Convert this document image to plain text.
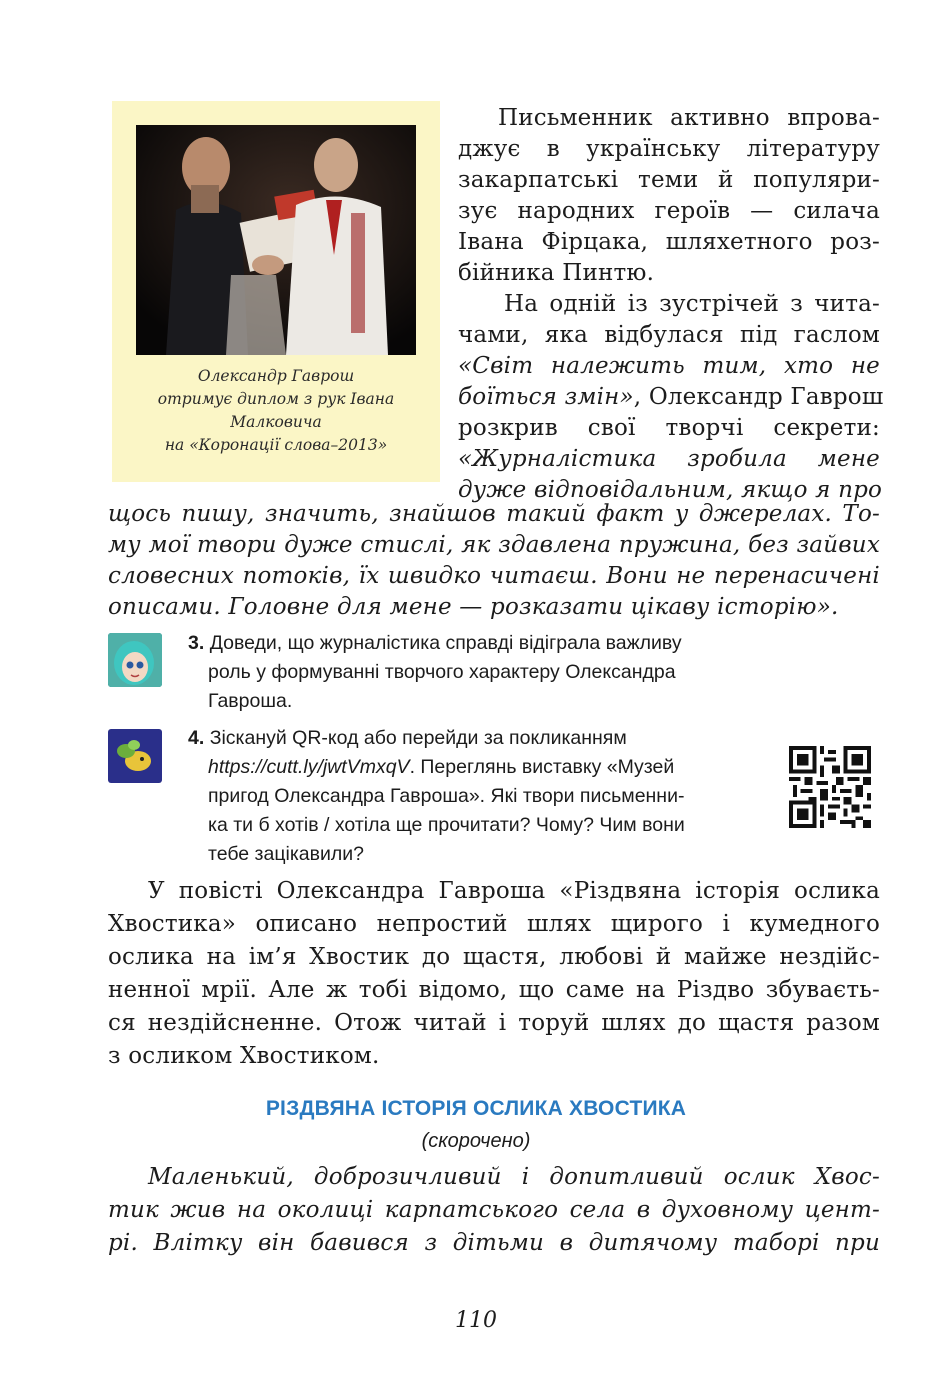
Олександр Гаврош
отримує диплом з рук Івана
Малковича
на «Коронації слова–2013»
Письменник активно впрова-
джує в українську літературу
закарпатські теми й популяри-
зує народних героїв — силача
Івана Фірцака, шляхетного роз-
бійника Пинтю.
На одній із зустрічей з чита-
чами, яка відбулася під гаслом
«Світ належить тим, хто не
боїться змін», Олександр Гаврош
розкрив свої творчі секрети:
«Журналістика зробила мене
дуже відповідальним, якщо я про
щось пишу, значить, знайшов такий факт у джерелах. То-
му мої твори дуже стислі, як здавлена пружина, без зайвих
словесних потоків, їх швидко читаєш. Вони не перенасичені
описами. Головне для мене — розказати цікаву історію».
3. Доведи, що журналістика справді відіграла важливу
роль у формуванні творчого характеру Олександра
Гавроша.
4. Зіскануй QR-код або перейди за покликанням
https://cutt.ly/jwtVmxqV. Переглянь виставку «Музей
пригод Олександра Гавроша». Які твори письменни-
ка ти б хотів / хотіла ще прочитати? Чому? Чим вони
тебе зацікавили?
У повісті Олександра Гаврошa «Різдвяна історія ослика
Хвостика» описано непростий шлях щирого і кумедного
ослика на ім’я Хвостик до щастя, любові й майже нездійс-
ненної мрії. Але ж тобі відомо, що саме на Різдво збуваєть-
ся нездійсненне. Отож читай і торуй шлях до щастя разом
з осликом Хвостиком.
РІЗДВЯНА ІСТОРІЯ ОСЛИКА ХВОСТИКА
(скорочено)
Маленький, доброзичливий і допитливий ослик Хвос-
тик жив на околиці карпатського села в духовному цент-
рі. Влітку він бавився з дітьми в дитячому таборі при
110
